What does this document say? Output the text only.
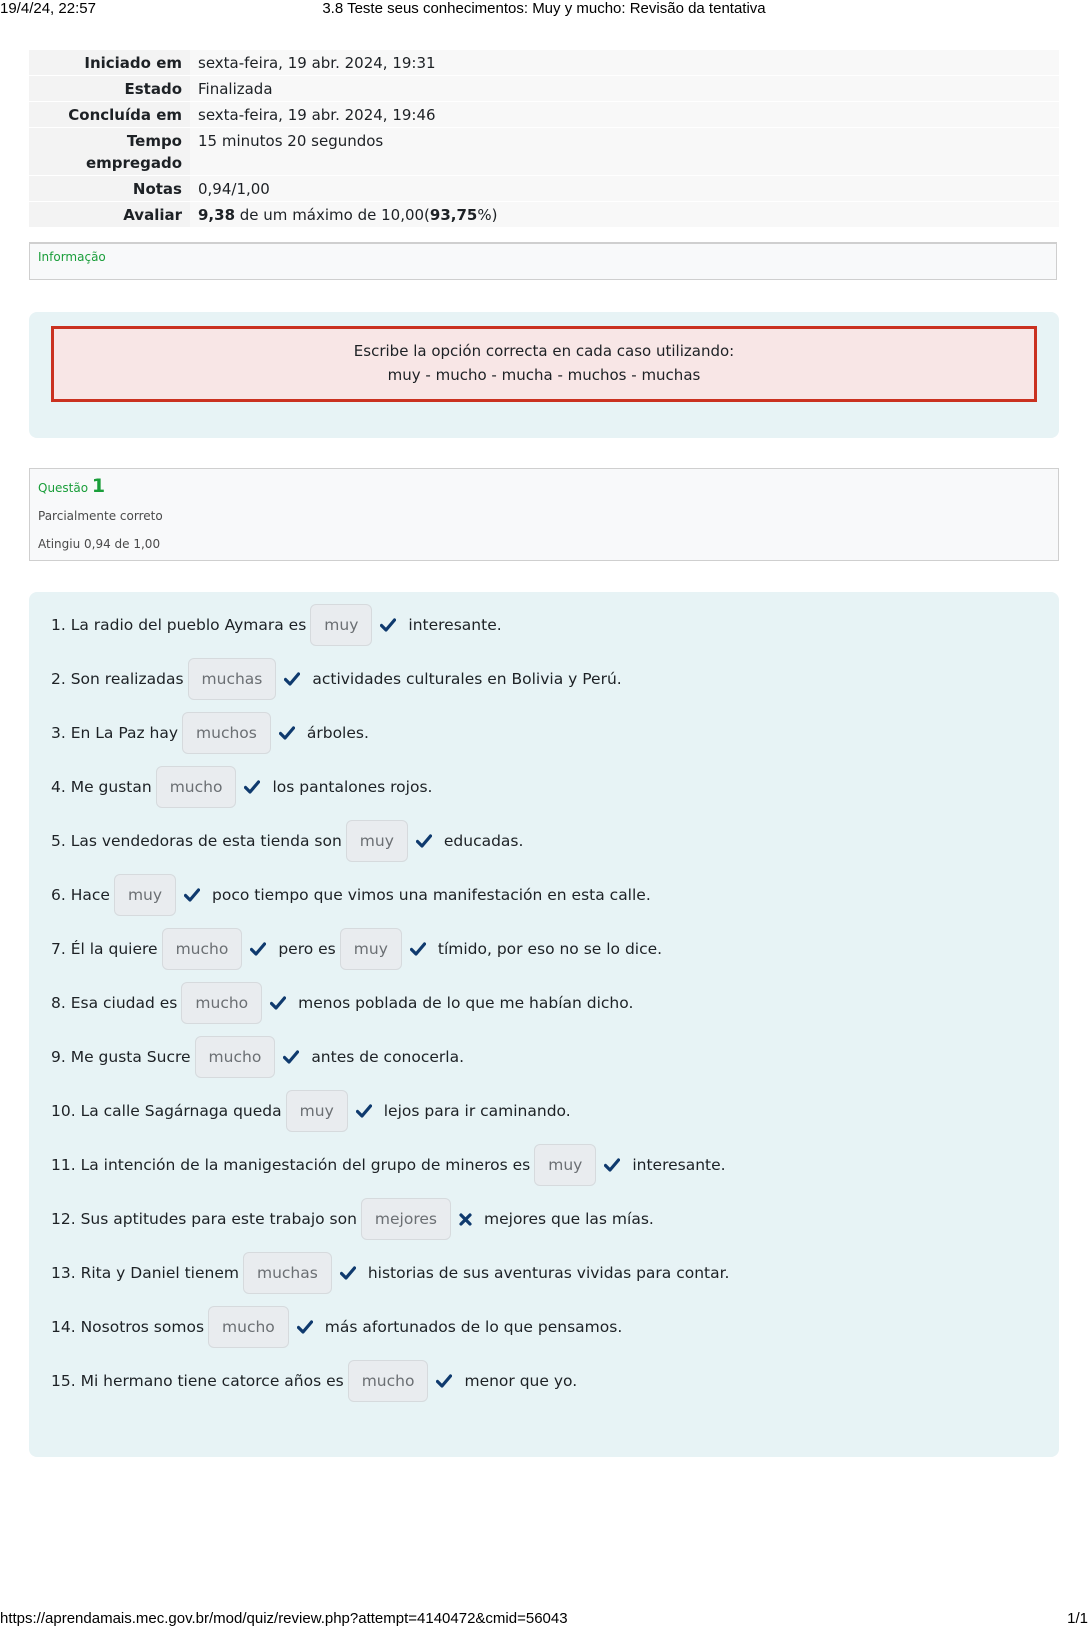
19/4/24, 22:57	3.8 Teste seus conhecimentos: Muy y mucho: Revisão da tentativa
Iniciado em	sexta-feira, 19 abr. 2024, 19:31
Estado	Finalizada
Concluída em	sexta-feira, 19 abr. 2024, 19:46
Tempo empregado	15 minutos 20 segundos
Notas	0,94/1,00
Avaliar	9,38 de um máximo de 10,00(93,75%)
Informação
Escribe la opción correcta en cada caso utilizando:
muy - mucho - mucha - muchos - muchas
Questão 1
Parcialmente correto
Atingiu 0,94 de 1,00
1. La radio del pueblo Aymara es	muy	interesante.
2. Son realizadas	muchas	actividades culturales en Bolivia y Perú.
3. En La Paz hay	muchos	árboles.
4. Me gustan	mucho	los pantalones rojos.
5. Las vendedoras de esta tienda son	muy	educadas.
6. Hace	muy	poco tiempo que vimos una manifestación en esta calle.
7. Él la quiere	mucho	pero es	muy	tímido, por eso no se lo dice.
8. Esa ciudad es	mucho	menos poblada de lo que me habían dicho.
9. Me gusta Sucre	mucho	antes de conocerla.
10. La calle Sagárnaga queda	muy	lejos para ir caminando.
11. La intención de la manigestación del grupo de mineros es	muy	interesante.
12. Sus aptitudes para este trabajo son	mejores	mejores que las mías.
13. Rita y Daniel tienem	muchas	historias de sus aventuras vividas para contar.
14. Nosotros somos	mucho	más afortunados de lo que pensamos.
15. Mi hermano tiene catorce años es	mucho	menor que yo.
https://aprendamais.mec.gov.br/mod/quiz/review.php?attempt=4140472&cmid=56043	1/1
